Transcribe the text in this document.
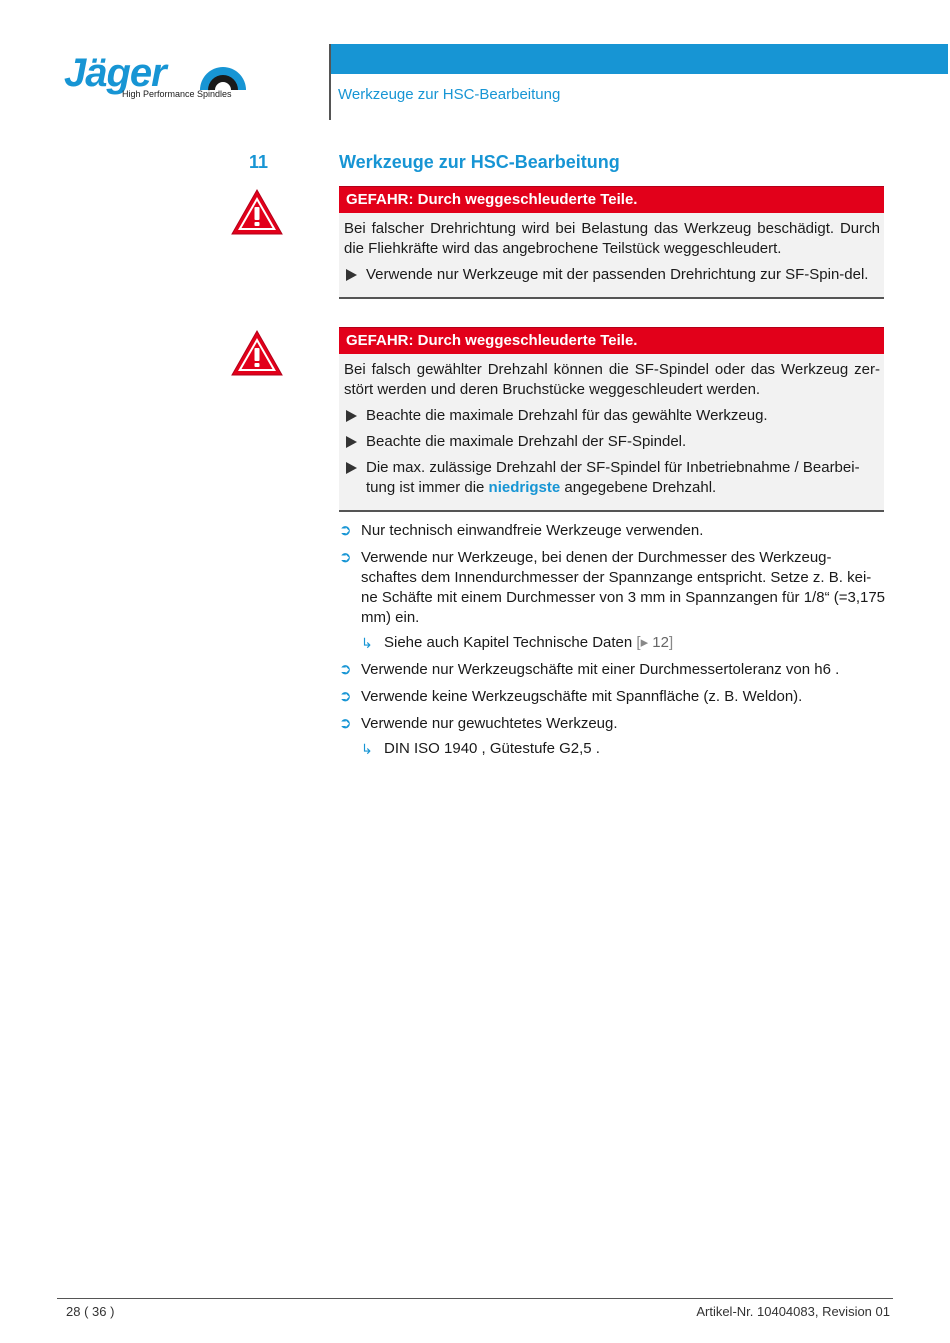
Jäger
High Performance Spindles	Werkzeuge zur HSC-Bearbeitung
11	Werkzeuge zur HSC-Bearbeitung
GEFAHR: Durch weggeschleuderte Teile.

Bei falscher Drehrichtung wird bei Belastung das Werkzeug beschädigt. Durch die Fliehkräfte wird das angebrochene Teilstück weggeschleudert.

Verwende nur Werkzeuge mit der passenden Drehrichtung zur SF-Spin-del.
GEFAHR: Durch weggeschleuderte Teile.

Bei falsch gewählter Drehzahl können die SF-Spindel oder das Werkzeug zer-stört werden und deren Bruchstücke weggeschleudert werden.

Beachte die maximale Drehzahl für das gewählte Werkzeug.
Beachte die maximale Drehzahl der SF-Spindel.
Die max. zulässige Drehzahl der SF-Spindel für Inbetriebnahme / Bearbei-tung ist immer die niedrigste angegebene Drehzahl.
➲ Nur technisch einwandfreie Werkzeuge verwenden.
➲ Verwende nur Werkzeuge, bei denen der Durchmesser des Werkzeug-schaftes dem Innendurchmesser der Spannzange entspricht. Setze z. B. kei-ne Schäfte mit einem Durchmesser von 3 mm in Spannzangen für 1/8“ (=3,175 mm) ein.
↳ Siehe auch Kapitel Technische Daten [▸ 12]
➲ Verwende nur Werkzeugschäfte mit einer Durchmessertoleranz von h6 .
➲ Verwende keine Werkzeugschäfte mit Spannfläche (z. B. Weldon).
➲ Verwende nur gewuchtetes Werkzeug.
↳ DIN ISO 1940 , Gütestufe G2,5 .
28 ( 36 )	Artikel-Nr. 10404083, Revision 01
